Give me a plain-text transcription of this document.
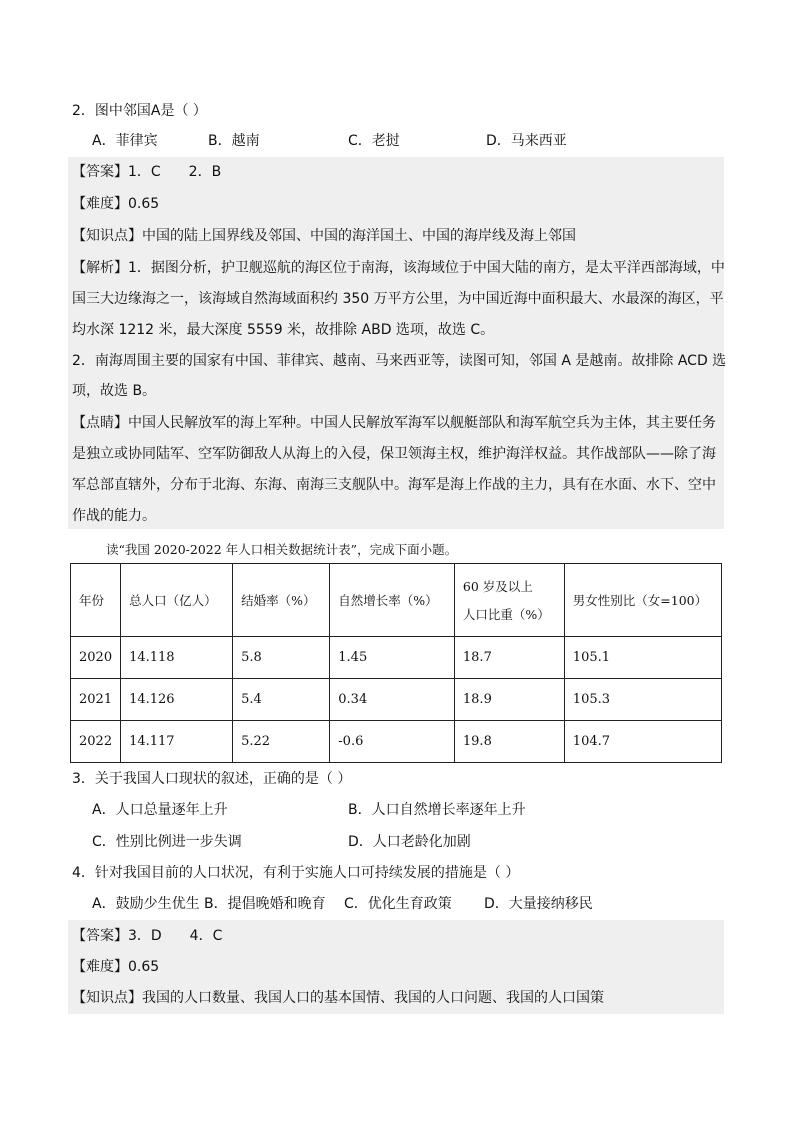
2．图中邻国A是（ ）
A．菲律宾	B．越南	C．老挝	D．马来西亚
【答案】1．C　　2．B
【难度】0.65
【知识点】中国的陆上国界线及邻国、中国的海洋国土、中国的海岸线及海上邻国
【解析】1．据图分析，护卫舰巡航的海区位于南海，该海域位于中国大陆的南方，是太平洋西部海域，中
国三大边缘海之一，该海域自然海域面积约 350 万平方公里，为中国近海中面积最大、水最深的海区，平
均水深 1212 米，最大深度 5559 米，故排除 ABD 选项，故选 C。
2．南海周围主要的国家有中国、菲律宾、越南、马来西亚等，读图可知，邻国 A 是越南。故排除 ACD 选
项，故选 B。
【点睛】中国人民解放军的海上军种。中国人民解放军海军以舰艇部队和海军航空兵为主体，其主要任务
是独立或协同陆军、空军防御敌人从海上的入侵，保卫领海主权，维护海洋权益。其作战部队——除了海
军总部直辖外，分布于北海、东海、南海三支舰队中。海军是海上作战的主力，具有在水面、水下、空中
作战的能力。
读“我国 2020-2022 年人口相关数据统计表”，完成下面小题。
年份	总人口（亿人）	结婚率（%）	自然增长率（%）	60 岁及以上
人口比重（%）	男女性别比（女=100）
2020	14.118	5.8	1.45	18.7	105.1
2021	14.126	5.4	0.34	18.9	105.3
2022	14.117	5.22	-0.6	19.8	104.7
3．关于我国人口现状的叙述，正确的是（ ）
A．人口总量逐年上升	B．人口自然增长率逐年上升
C．性别比例进一步失调	D．人口老龄化加剧
4．针对我国目前的人口状况，有利于实施人口可持续发展的措施是（ ）
A．鼓励少生优生 B．提倡晚婚和晚育 C．优化生育政策 D．大量接纳移民
【答案】3．D　　4．C
【难度】0.65
【知识点】我国的人口数量、我国人口的基本国情、我国的人口问题、我国的人口国策
